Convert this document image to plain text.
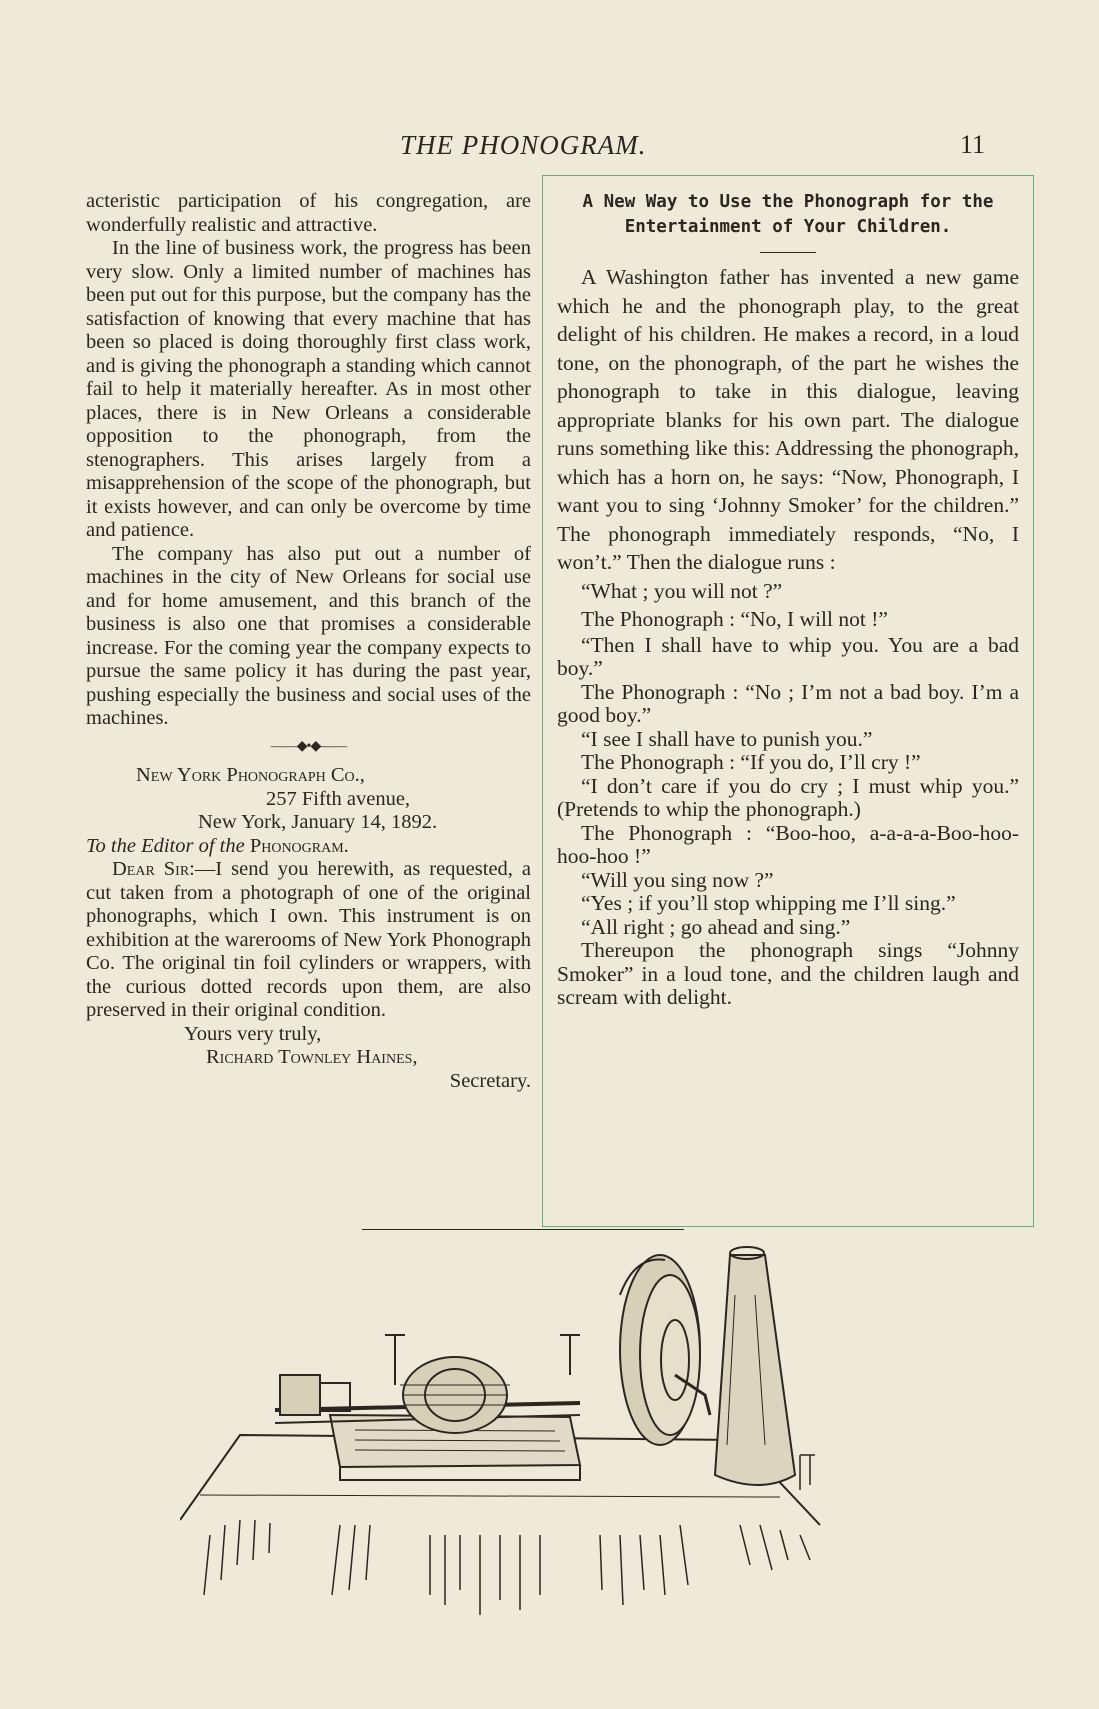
THE PHONOGRAM.	11

acteristic participation of his congregation, are wonderfully realistic and attractive.

In the line of business work, the progress has been very slow. Only a limited number of machines has been put out for this purpose, but the company has the satisfaction of knowing that every machine that has been so placed is doing thoroughly first class work, and is giving the phonograph a standing which cannot fail to help it materially hereafter. As in most other places, there is in New Orleans a considerable opposition to the phonograph, from the stenographers. This arises largely from a misapprehension of the scope of the phonograph, but it exists however, and can only be overcome by time and patience.

The company has also put out a number of machines in the city of New Orleans for social use and for home amusement, and this branch of the business is also one that promises a considerable increase. For the coming year the company expects to pursue the same policy it has during the past year, pushing especially the business and social uses of the machines.

——◆•◆——
New York Phonograph Co.,
257 Fifth avenue,
New York, January 14, 1892.

To the Editor of the Phonogram.

Dear Sir:—I send you herewith, as requested, a cut taken from a photograph of one of the original phonographs, which I own. This instrument is on exhibition at the warerooms of New York Phonograph Co. The original tin foil cylinders or wrappers, with the curious dotted records upon them, are also preserved in their original condition.

Yours very truly,
Richard Townley Haines,
Secretary.
A New Way to Use the Phonograph for the Entertainment of Your Children.

A Washington father has invented a new game which he and the phonograph play, to the great delight of his children. He makes a record, in a loud tone, on the phonograph, of the part he wishes the phonograph to take in this dialogue, leaving appropriate blanks for his own part. The dialogue runs something like this: Addressing the phonograph, which has a horn on, he says: “Now, Phonograph, I want you to sing ‘Johnny Smoker’ for the children.” The phonograph immediately responds, “No, I won’t.” Then the dialogue runs :

“What ; you will not ?”

The Phonograph : “No, I will not !”

“Then I shall have to whip you. You are a bad boy.”

The Phonograph : “No ; I’m not a bad boy. I’m a good boy.”

“I see I shall have to punish you.”

The Phonograph : “If you do, I’ll cry !”

“I don’t care if you do cry ; I must whip you.” (Pretends to whip the phonograph.)

The Phonograph : “Boo-hoo, a-a-a-a-Boo-hoo-hoo-hoo !”

“Will you sing now ?”

“Yes ; if you’ll stop whipping me I’ll sing.”

“All right ; go ahead and sing.”

Thereupon the phonograph sings “Johnny Smoker” in a loud tone, and the children laugh and scream with delight.
